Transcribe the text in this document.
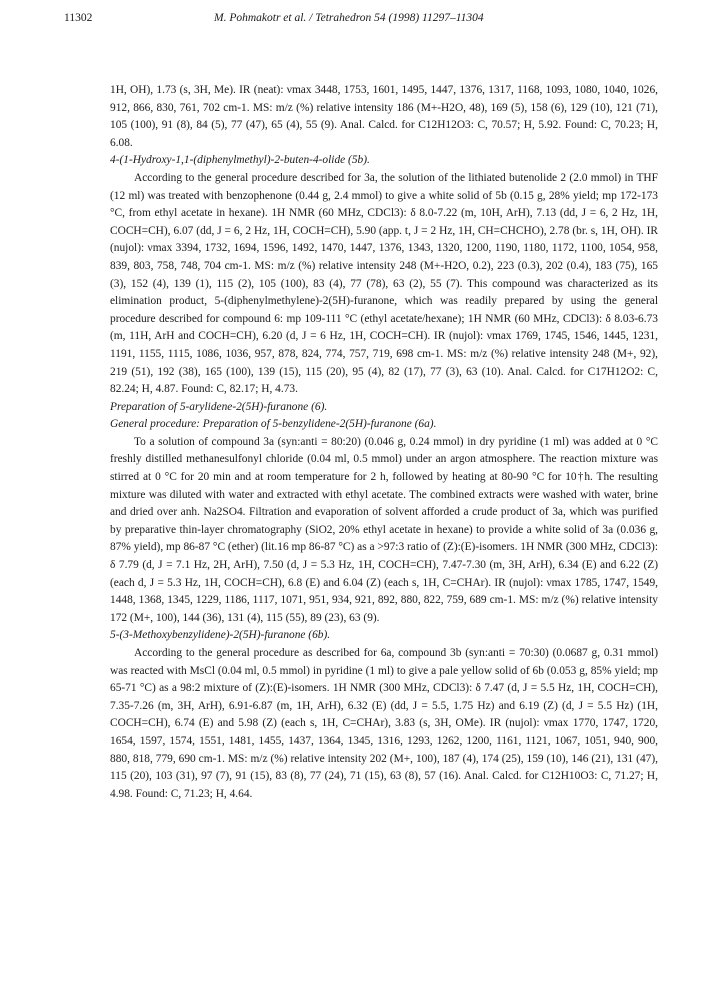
11302	M. Pohmakotr et al. / Tetrahedron 54 (1998) 11297–11304

1H, OH), 1.73 (s, 3H, Me). IR (neat): νmax 3448, 1753, 1601, 1495, 1447, 1376, 1317, 1168, 1093, 1080, 1040, 1026, 912, 866, 830, 761, 702 cm-1. MS: m/z (%) relative intensity 186 (M+-H2O, 48), 169 (5), 158 (6), 129 (10), 121 (71), 105 (100), 91 (8), 84 (5), 77 (47), 65 (4), 55 (9). Anal. Calcd. for C12H12O3: C, 70.57; H, 5.92. Found: C, 70.23; H, 6.08.

4-(1-Hydroxy-1,1-(diphenylmethyl)-2-buten-4-olide (5b).

According to the general procedure described for 3a, the solution of the lithiated butenolide 2 (2.0 mmol) in THF (12 ml) was treated with benzophenone (0.44 g, 2.4 mmol) to give a white solid of 5b (0.15 g, 28% yield; mp 172-173 °C, from ethyl acetate in hexane). 1H NMR (60 MHz, CDCl3): δ 8.0-7.22 (m, 10H, ArH), 7.13 (dd, J = 6, 2 Hz, 1H, COCH=CH), 6.07 (dd, J = 6, 2 Hz, 1H, COCH=CH), 5.90 (app. t, J = 2 Hz, 1H, CH=CHCHO), 2.78 (br. s, 1H, OH). IR (nujol): νmax 3394, 1732, 1694, 1596, 1492, 1470, 1447, 1376, 1343, 1320, 1200, 1190, 1180, 1172, 1100, 1054, 958, 839, 803, 758, 748, 704 cm-1. MS: m/z (%) relative intensity 248 (M+-H2O, 0.2), 223 (0.3), 202 (0.4), 183 (75), 165 (3), 152 (4), 139 (1), 115 (2), 105 (100), 83 (4), 77 (78), 63 (2), 55 (7). This compound was characterized as its elimination product, 5-(diphenylmethylene)-2(5H)-furanone, which was readily prepared by using the general procedure described for compound 6: mp 109-111 °C (ethyl acetate/hexane); 1H NMR (60 MHz, CDCl3): δ 8.03-6.73 (m, 11H, ArH and COCH=CH), 6.20 (d, J = 6 Hz, 1H, COCH=CH). IR (nujol): νmax 1769, 1745, 1546, 1445, 1231, 1191, 1155, 1115, 1086, 1036, 957, 878, 824, 774, 757, 719, 698 cm-1. MS: m/z (%) relative intensity 248 (M+, 92), 219 (51), 192 (38), 165 (100), 139 (15), 115 (20), 95 (4), 82 (17), 77 (3), 63 (10). Anal. Calcd. for C17H12O2: C, 82.24; H, 4.87. Found: C, 82.17; H, 4.73.

Preparation of 5-arylidene-2(5H)-furanone (6).

General procedure: Preparation of 5-benzylidene-2(5H)-furanone (6a).

To a solution of compound 3a (syn:anti = 80:20) (0.046 g, 0.24 mmol) in dry pyridine (1 ml) was added at 0 °C freshly distilled methanesulfonyl chloride (0.04 ml, 0.5 mmol) under an argon atmosphere. The reaction mixture was stirred at 0 °C for 20 min and at room temperature for 2 h, followed by heating at 80-90 °C for 10†h. The resulting mixture was diluted with water and extracted with ethyl acetate. The combined extracts were washed with water, brine and dried over anh. Na2SO4. Filtration and evaporation of solvent afforded a crude product of 3a, which was purified by preparative thin-layer chromatography (SiO2, 20% ethyl acetate in hexane) to provide a white solid of 3a (0.036 g, 87% yield), mp 86-87 °C (ether) (lit.16 mp 86-87 °C) as a >97:3 ratio of (Z):(E)-isomers. 1H NMR (300 MHz, CDCl3): δ 7.79 (d, J = 7.1 Hz, 2H, ArH), 7.50 (d, J = 5.3 Hz, 1H, COCH=CH), 7.47-7.30 (m, 3H, ArH), 6.34 (E) and 6.22 (Z) (each d, J = 5.3 Hz, 1H, COCH=CH), 6.8 (E) and 6.04 (Z) (each s, 1H, C=CHAr). IR (nujol): νmax 1785, 1747, 1549, 1448, 1368, 1345, 1229, 1186, 1117, 1071, 951, 934, 921, 892, 880, 822, 759, 689 cm-1. MS: m/z (%) relative intensity 172 (M+, 100), 144 (36), 131 (4), 115 (55), 89 (23), 63 (9).

5-(3-Methoxybenzylidene)-2(5H)-furanone (6b).

According to the general procedure as described for 6a, compound 3b (syn:anti = 70:30) (0.0687 g, 0.31 mmol) was reacted with MsCl (0.04 ml, 0.5 mmol) in pyridine (1 ml) to give a pale yellow solid of 6b (0.053 g, 85% yield; mp 65-71 °C) as a 98:2 mixture of (Z):(E)-isomers. 1H NMR (300 MHz, CDCl3): δ 7.47 (d, J = 5.5 Hz, 1H, COCH=CH), 7.35-7.26 (m, 3H, ArH), 6.91-6.87 (m, 1H, ArH), 6.32 (E) (dd, J = 5.5, 1.75 Hz) and 6.19 (Z) (d, J = 5.5 Hz) (1H, COCH=CH), 6.74 (E) and 5.98 (Z) (each s, 1H, C=CHAr), 3.83 (s, 3H, OMe). IR (nujol): νmax 1770, 1747, 1720, 1654, 1597, 1574, 1551, 1481, 1455, 1437, 1364, 1345, 1316, 1293, 1262, 1200, 1161, 1121, 1067, 1051, 940, 900, 880, 818, 779, 690 cm-1. MS: m/z (%) relative intensity 202 (M+, 100), 187 (4), 174 (25), 159 (10), 146 (21), 131 (47), 115 (20), 103 (31), 97 (7), 91 (15), 83 (8), 77 (24), 71 (15), 63 (8), 57 (16). Anal. Calcd. for C12H10O3: C, 71.27; H, 4.98. Found: C, 71.23; H, 4.64.
